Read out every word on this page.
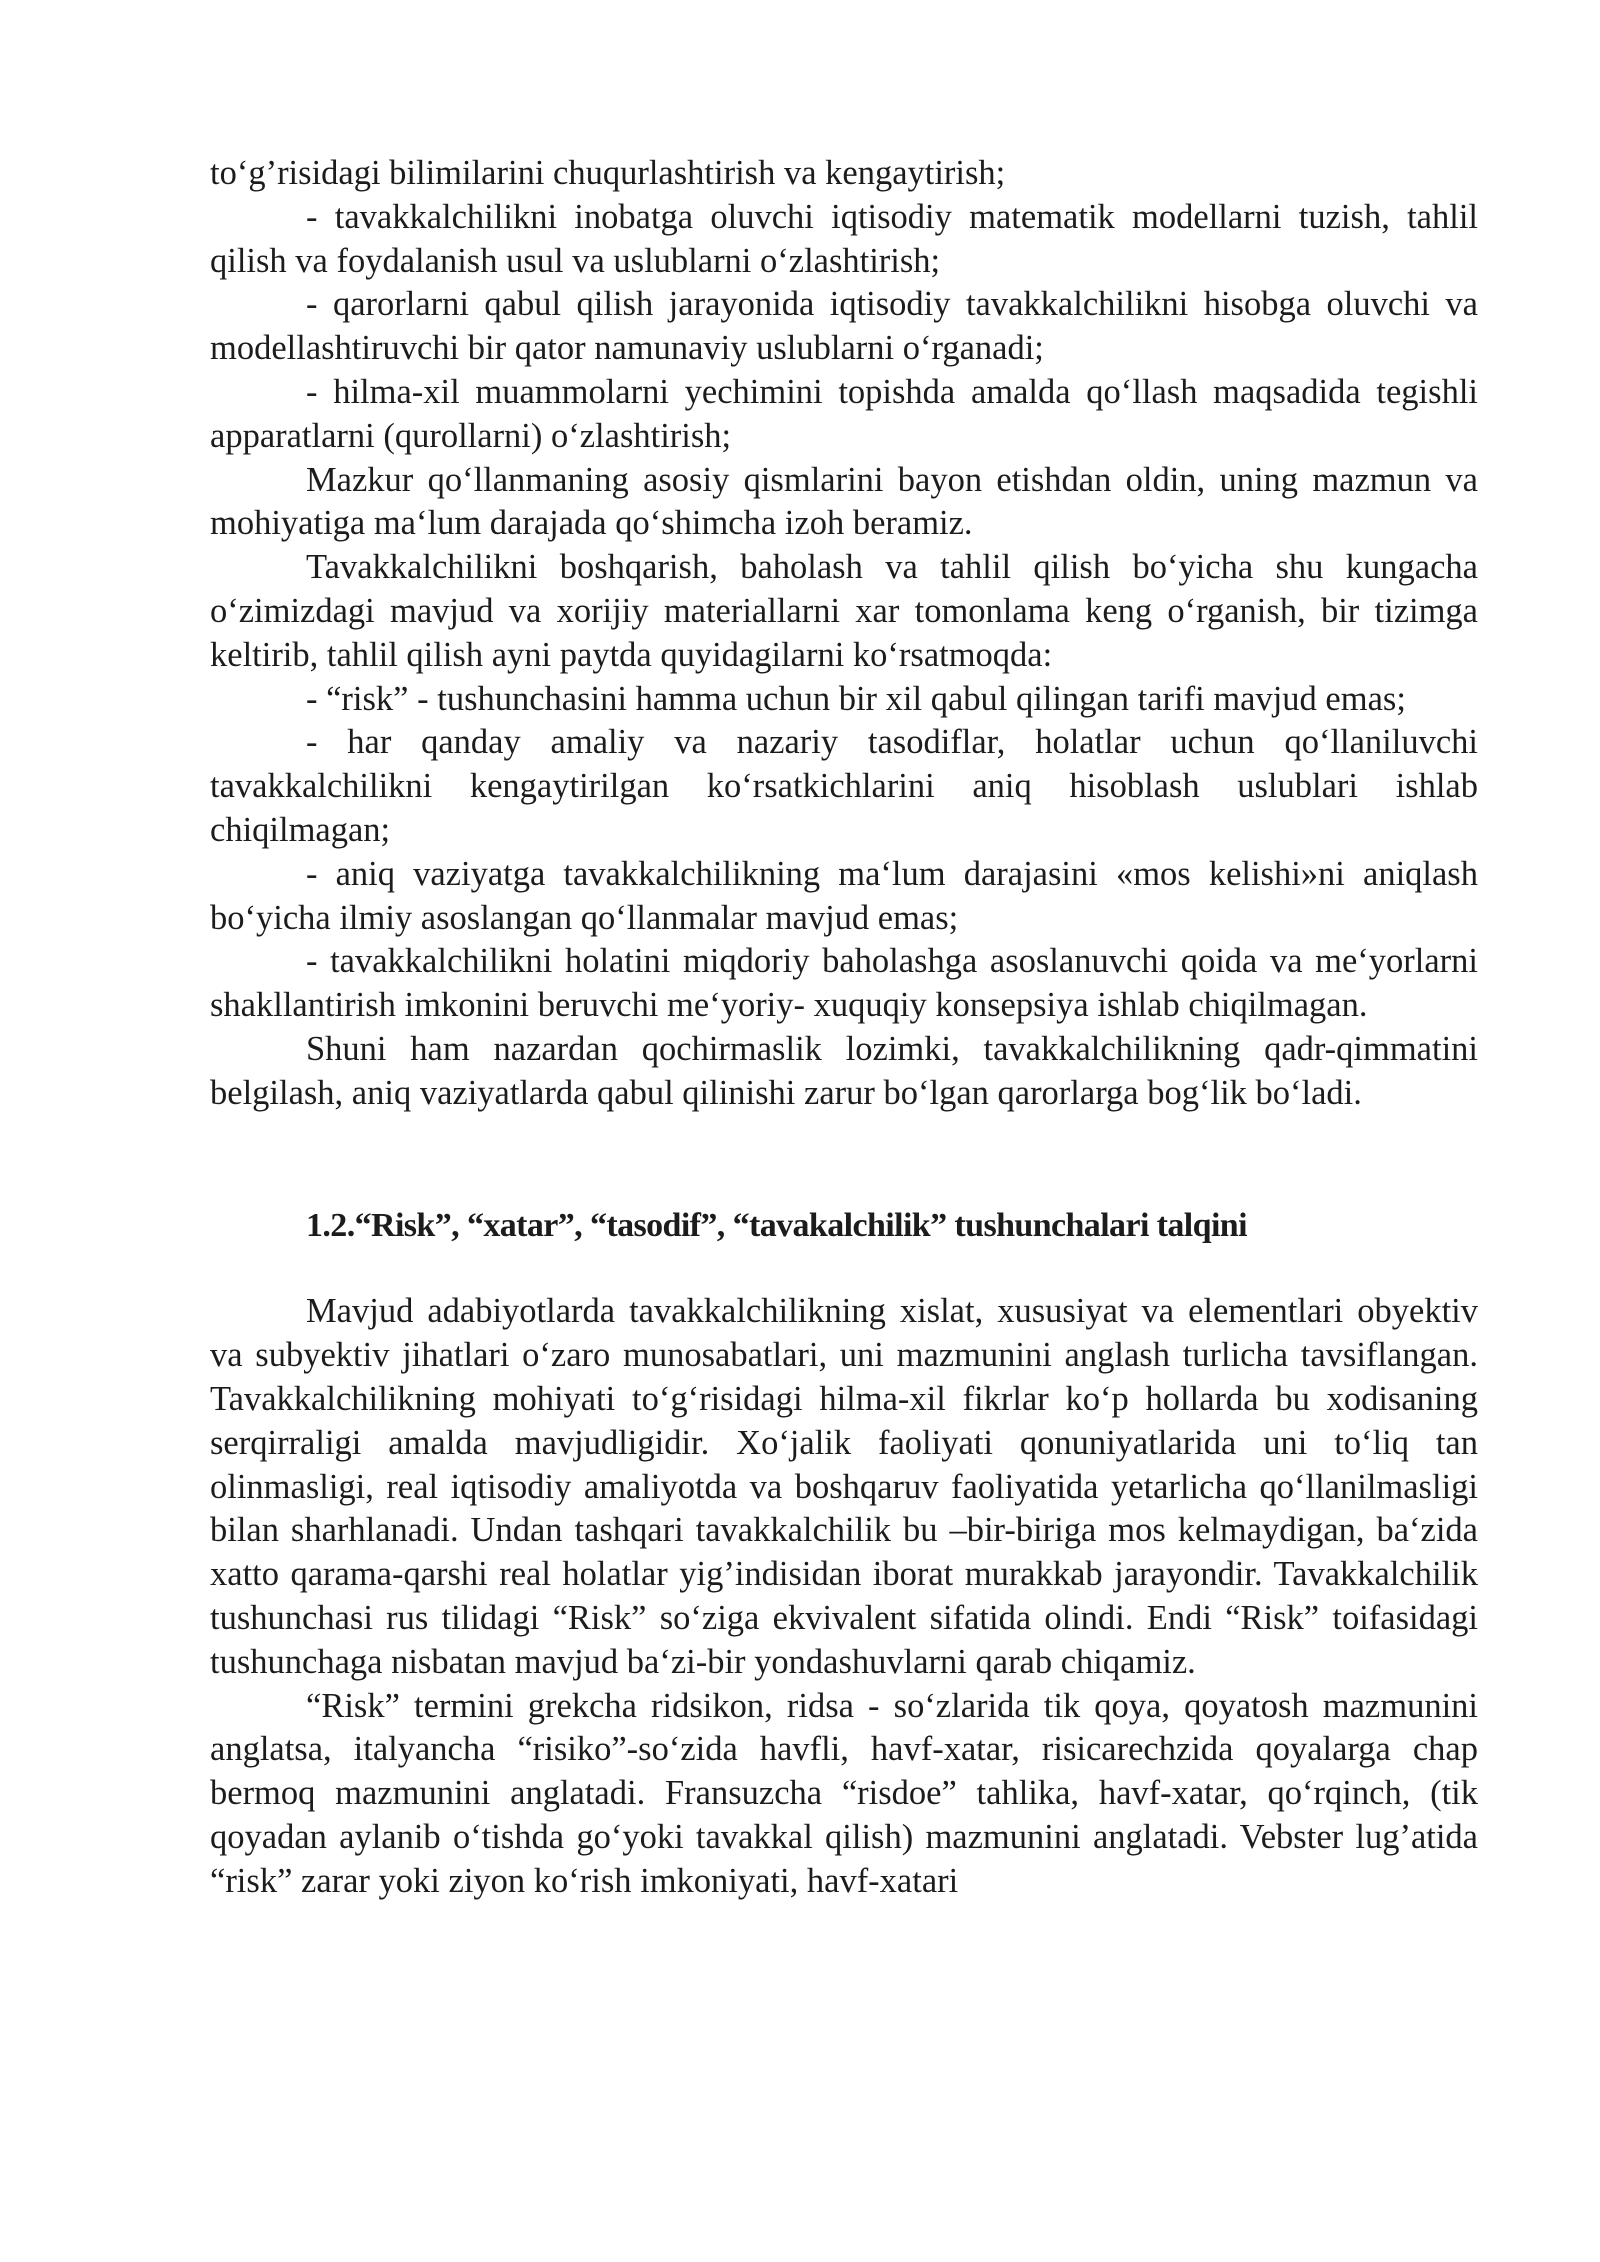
to‘g’risidagi bilimilarini chuqurlashtirish va kengaytirish;

- tavakkalchilikni inobatga oluvchi iqtisodiy matematik modellarni tuzish, tahlil qilish va foydalanish usul va uslublarni o‘zlashtirish;

- qarorlarni qabul qilish jarayonida iqtisodiy tavakkalchilikni hisobga oluvchi va modellashtiruvchi bir qator namunaviy uslublarni o‘rganadi;

- hilma-xil muammolarni yechimini topishda amalda qo‘llash maqsadida tegishli apparatlarni (qurollarni) o‘zlashtirish;

Mazkur qo‘llanmaning asosiy qismlarini bayon etishdan oldin, uning mazmun va mohiyatiga ma‘lum darajada qo‘shimcha izoh beramiz.

Tavakkalchilikni boshqarish, baholash va tahlil qilish bo‘yicha shu kungacha o‘zimizdagi mavjud va xorijiy materiallarni xar tomonlama keng o‘rganish, bir tizimga keltirib, tahlil qilish ayni paytda quyidagilarni ko‘rsatmoqda:

- “risk” - tushunchasini hamma uchun bir xil qabul qilingan tarifi mavjud emas;

- har qanday amaliy va nazariy tasodiflar, holatlar uchun qo‘llaniluvchi tavakkalchilikni kengaytirilgan ko‘rsatkichlarini aniq hisoblash uslublari ishlab chiqilmagan;

- aniq vaziyatga tavakkalchilikning ma‘lum darajasini «mos kelishi»ni aniqlash bo‘yicha ilmiy asoslangan qo‘llanmalar mavjud emas;

- tavakkalchilikni holatini miqdoriy baholashga asoslanuvchi qoida va me‘yorlarni shakllantirish imkonini beruvchi me‘yoriy- xuquqiy konsepsiya ishlab chiqilmagan.

Shuni ham nazardan qochirmaslik lozimki, tavakkalchilikning qadr-qimmatini belgilash, aniq vaziyatlarda qabul qilinishi zarur bo‘lgan qarorlarga bog‘lik bo‘ladi.

1.2.“Risk”, “xatar”, “tasodif”, “tavakalchilik” tushunchalari talqini

Mavjud adabiyotlarda tavakkalchilikning xislat, xususiyat va elementlari obyektiv va subyektiv jihatlari o‘zaro munosabatlari, uni mazmunini anglash turlicha tavsiflangan. Tavakkalchilikning mohiyati to‘g‘risidagi hilma-xil fikrlar ko‘p hollarda bu xodisaning serqirraligi amalda mavjudligidir. Xo‘jalik faoliyati qonuniyatlarida uni to‘liq tan olinmasligi, real iqtisodiy amaliyotda va boshqaruv faoliyatida yetarlicha qo‘llanilmasligi bilan sharhlanadi. Undan tashqari tavakkalchilik bu –bir-biriga mos kelmaydigan, ba‘zida xatto qarama-qarshi real holatlar yig’indisidan iborat murakkab jarayondir. Tavakkalchilik tushunchasi rus tilidagi “Risk” so‘ziga ekvivalent sifatida olindi. Endi “Risk” toifasidagi tushunchaga nisbatan mavjud ba‘zi-bir yondashuvlarni qarab chiqamiz.

“Risk” termini grekcha ridsikon, ridsa - so‘zlarida tik qoya, qoyatosh mazmunini anglatsa, italyancha “risiko”-so‘zida havfli, havf-xatar, risicarechzida qoyalarga chap bermoq mazmunini anglatadi. Fransuzcha “risdoe” tahlika, havf-xatar, qo‘rqinch, (tik qoyadan aylanib o‘tishda go‘yoki tavakkal qilish) mazmunini anglatadi. Vebster lug’atida “risk” zarar yoki ziyon ko‘rish imkoniyati, havf-xatari
